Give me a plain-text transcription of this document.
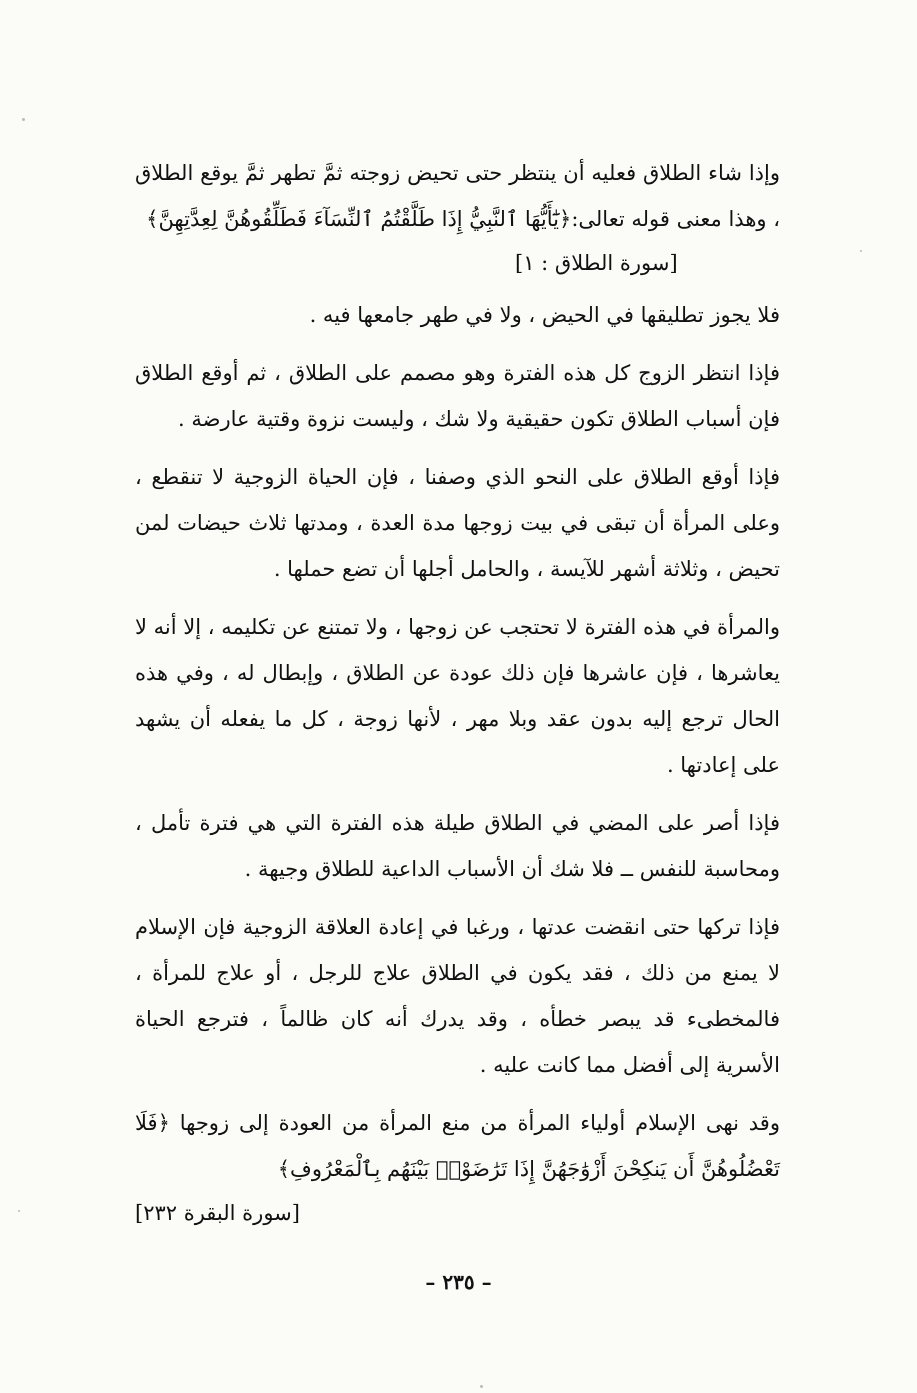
وإذا شاء الطلاق فعليه أن ينتظر حتى تحيض زوجته ثمَّ تطهر ثمَّ يوقع الطلاق ، وهذا معنى قوله تعالى:﴿يَٰٓأَيُّهَا ٱلنَّبِيُّ إِذَا طَلَّقْتُمُ ٱلنِّسَآءَ فَطَلِّقُوهُنَّ لِعِدَّتِهِنَّ﴾

[سورة الطلاق : ١]

فلا يجوز تطليقها في الحيض ، ولا في طهر جامعها فيه .

فإذا انتظر الزوج كل هذه الفترة وهو مصمم على الطلاق ، ثم أوقع الطلاق فإن أسباب الطلاق تكون حقيقية ولا شك ، وليست نزوة وقتية عارضة .

فإذا أوقع الطلاق على النحو الذي وصفنا ، فإن الحياة الزوجية لا تنقطع ، وعلى المرأة أن تبقى في بيت زوجها مدة العدة ، ومدتها ثلاث حيضات لمن تحيض ، وثلاثة أشهر للآيسة ، والحامل أجلها أن تضع حملها .

والمرأة في هذه الفترة لا تحتجب عن زوجها ، ولا تمتنع عن تكليمه ، إلا أنه لا يعاشرها ، فإن عاشرها فإن ذلك عودة عن الطلاق ، وإبطال له ، وفي هذه الحال ترجع إليه بدون عقد وبلا مهر ، لأنها زوجة ، كل ما يفعله أن يشهد على إعادتها .

فإذا أصر على المضي في الطلاق طيلة هذه الفترة التي هي فترة تأمل ، ومحاسبة للنفس ــ فلا شك أن الأسباب الداعية للطلاق وجيهة .

فإذا تركها حتى انقضت عدتها ، ورغبا في إعادة العلاقة الزوجية فإن الإسلام لا يمنع من ذلك ، فقد يكون في الطلاق علاج للرجل ، أو علاج للمرأة ، فالمخطىء قد يبصر خطأه ، وقد يدرك أنه كان ظالماً ، فترجع الحياة الأسرية إلى أفضل مما كانت عليه .

وقد نهى الإسلام أولياء المرأة من منع المرأة من العودة إلى زوجها ﴿فَلَا تَعْضُلُوهُنَّ أَن يَنكِحْنَ أَزْوَٰجَهُنَّ إِذَا تَرَٰضَوْا۟ بَيْنَهُم بِٱلْمَعْرُوفِ﴾

[سورة البقرة ٢٣٢]
– ٢٣٥ –
